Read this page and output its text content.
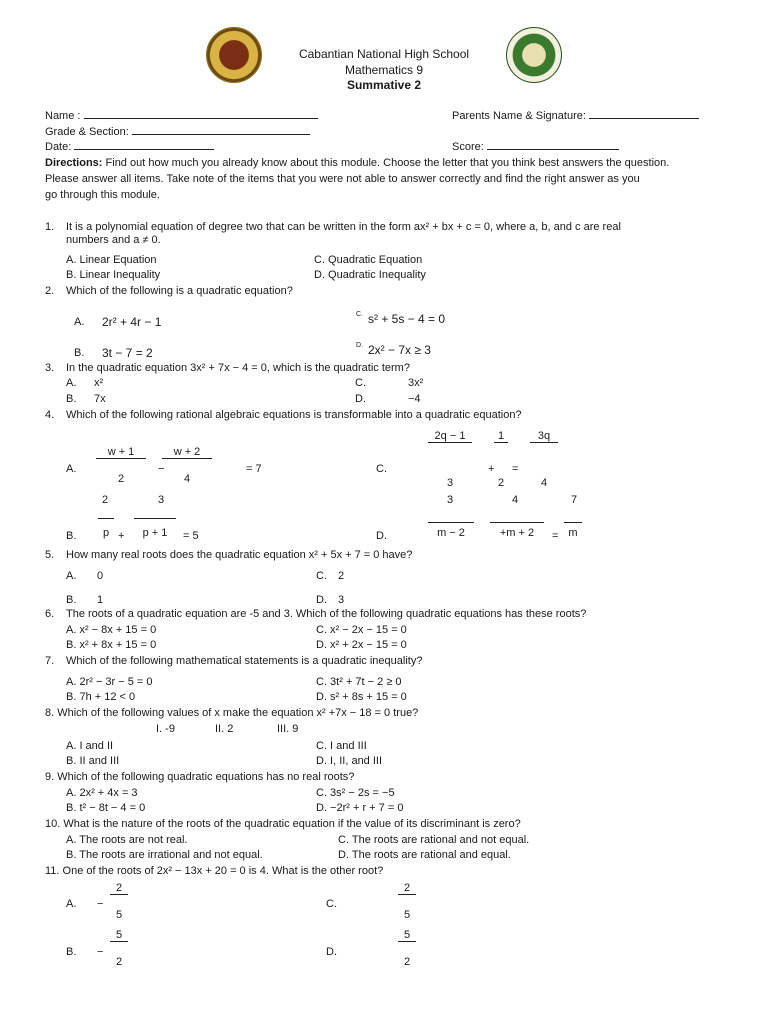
Cabantian National High School
Mathematics 9
Summative 2
Name :
Grade & Section:
Date:
Parents Name & Signature:
Score:
Directions: Find out how much you already know about this module. Choose the letter that you think best answers the question.
Please answer all items. Take note of the items that you were not able to answer correctly and find the right answer as you
go through this module.
1. It is a polynomial equation of degree two that can be written in the form ax² + bx + c = 0, where a, b, and c are real
numbers and a ≠ 0.
A. Linear Equation
B. Linear Inequality
C. Quadratic Equation
D. Quadratic Inequality
2. Which of the following is a quadratic equation?
A. 2r² + 4r − 1
B. 3t − 7 = 2
C. s² + 5s − 4 = 0
D. 2x² − 7x ≥ 3
3. In the quadratic equation 3x² + 7x − 4 = 0, which is the quadratic term?
A. x²
B. 7x
C.	3x²
D.	−4
4. Which of the following rational algebraic equations is transformable into a quadratic equation?
A. $\frac{w + 1}{2}$ −
$\frac{w + 2}{4}$	= 7
2	3
B.	p +	p + 1	= 5
C.	$\frac{2q - 1}{3} + \frac{1}{2} = \frac{3q}{4}$
3	4	7
D.	m − 2	+m + 2	= m
5. How many real roots does the quadratic equation x² + 5x + 7 = 0 have?
A. 0
B. 1
C. 2
D. 3
6. The roots of a quadratic equation are -5 and 3. Which of the following quadratic equations has these roots?
A. x² − 8x + 15 = 0
B. x² + 8x + 15 = 0
C. x² − 2x − 15 = 0
D. x² + 2x − 15 = 0
7. Which of the following mathematical statements is a quadratic inequality?
A. 2r² − 3r − 5 = 0
B. 7h + 12 < 0
C. 3t² + 7t − 2 ≥ 0
D. s² + 8s + 15 = 0
8. Which of the following values of x make the equation x² +7x − 18 = 0 true?
I. -9	II. 2	III. 9
A. I and II
B. II and III
C. I and III
D. I, II, and III
9. Which of the following quadratic equations has no real roots?
A. 2x² + 4x = 3
B. t² − 8t − 4 = 0
C. 3s² − 2s = −5
D. −2r² + r + 7 = 0
10. What is the nature of the roots of the quadratic equation if the value of its discriminant is zero?
A. The roots are not real.
B. The roots are irrational and not equal.
C. The roots are rational and not equal.
D. The roots are rational and equal.
11. One of the roots of 2x² − 13x + 20 = 0 is 4. What is the other root?
A. − $\frac{2}{5}$
B. − $\frac{5}{2}$
C.	$\frac{2}{5}$
D.	$\frac{5}{2}$
